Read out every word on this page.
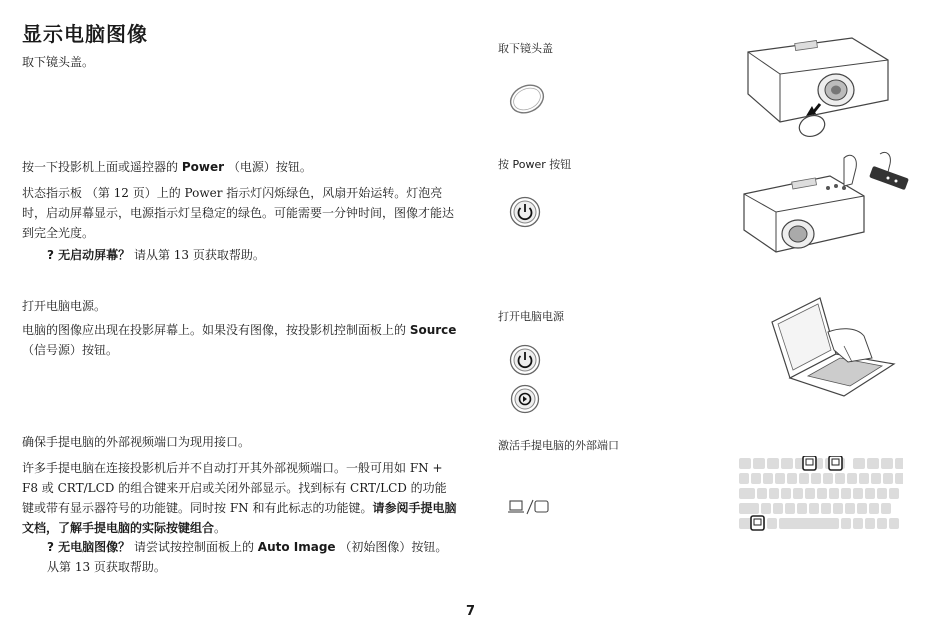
显示电脑图像
取下镜头盖。
按一下投影机上面或遥控器的 Power （电源）按钮。
状态指示板 （第 12 页）上的 Power 指示灯闪烁绿色，风扇开始运转。灯泡亮时，启动屏幕显示，电源指示灯呈稳定的绿色。可能需要一分钟时间，图像才能达到完全光度。
? 无启动屏幕？ 请从第 13 页获取帮助。
打开电脑电源。
电脑的图像应出现在投影屏幕上。如果没有图像，按投影机控制面板上的 Source （信号源）按钮。
确保手提电脑的外部视频端口为现用接口。
许多手提电脑在连接投影机后并不自动打开其外部视频端口。一般可用如 FN + F8 或 CRT/LCD 的组合键来开启或关闭外部显示。找到标有 CRT/LCD 的功能键或带有显示器符号的功能键。同时按 FN 和有此标志的功能键。请参阅手提电脑文档，了解手提电脑的实际按键组合。
? 无电脑图像？ 请尝试按控制面板上的 Auto Image （初始图像）按钮。从第 13 页获取帮助。
取下镜头盖
按 Power 按钮
打开电脑电源
激活手提电脑的外部端口
7
